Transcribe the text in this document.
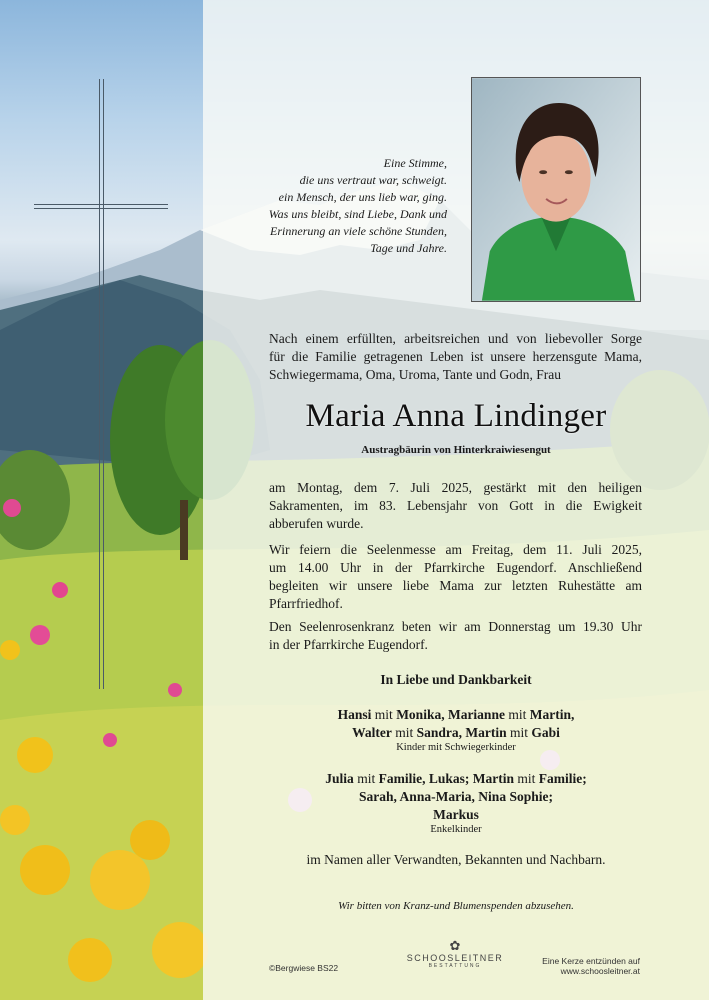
Eine Stimme,
die uns vertraut war, schweigt.
ein Mensch, der uns lieb war, ging.
Was uns bleibt, sind Liebe, Dank und
Erinnerung an viele schöne Stunden,
Tage und Jahre.
Nach einem erfüllten, arbeitsreichen und von liebevoller Sorge
für die Familie getragenen Leben ist unsere herzensgute Mama,
Schwiegermama, Oma, Uroma, Tante und Godn, Frau
Maria Anna Lindinger
Austragbäurin von Hinterkraiwiesengut
am Montag, dem 7. Juli 2025, gestärkt mit den heiligen
Sakramenten, im 83. Lebensjahr von Gott in die Ewigkeit
abberufen wurde.
Wir feiern die Seelenmesse am Freitag, dem 11. Juli 2025,
um 14.00 Uhr in der Pfarrkirche Eugendorf. Anschließend
begleiten wir unsere liebe Mama zur letzten Ruhestätte am
Pfarrfriedhof.
Den Seelenrosenkranz beten wir am Donnerstag um 19.30 Uhr
in der Pfarrkirche Eugendorf.
In Liebe und Dankbarkeit
Hansi mit Monika, Marianne mit Martin,
Walter mit Sandra, Martin mit Gabi
Kinder mit Schwiegerkinder
Julia mit Familie, Lukas; Martin mit Familie;
Sarah, Anna-Maria, Nina Sophie;
Markus
Enkelkinder
im Namen aller Verwandten, Bekannten und Nachbarn.
Wir bitten von Kranz-und Blumenspenden abzusehen.
©Bergwiese BS22
✿
SCHOOSLEITNER
BESTATTUNG	Eine Kerze entzünden auf
www.schoosleitner.at
